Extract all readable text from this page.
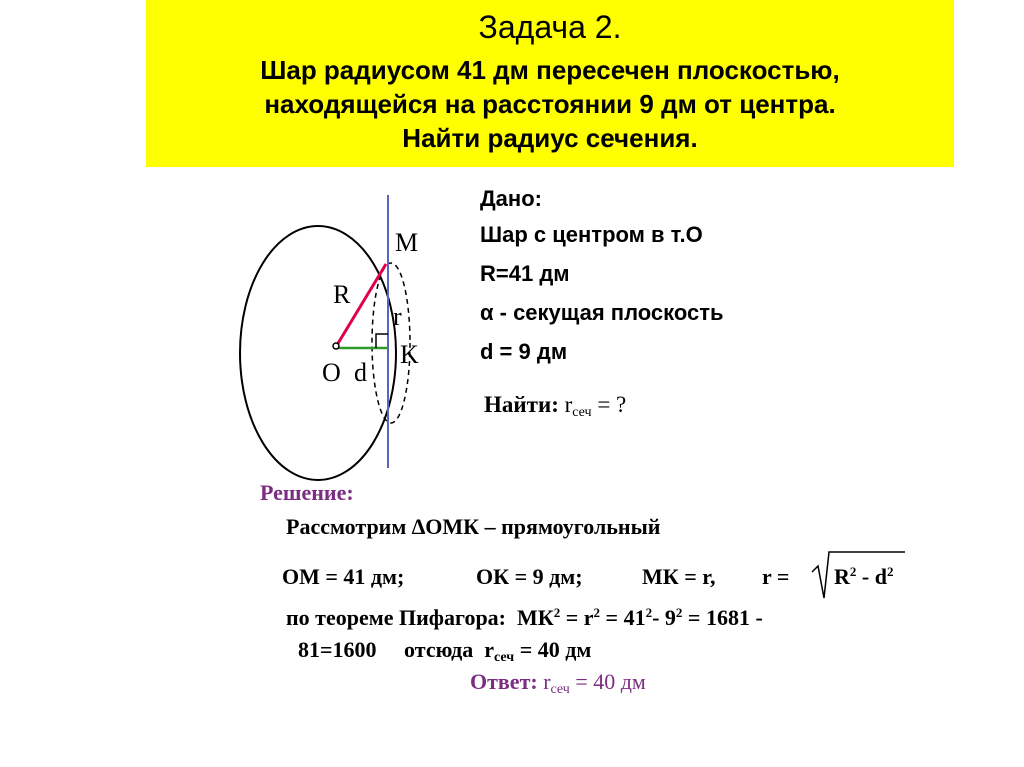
Задача 2.
Шар радиусом 41 дм пересечен плоскостью,
находящейся на расстоянии 9 дм от центра.
Найти радиус сечения.
M
R
r
K
O d
Дано:
Шар с центром в т.О
R=41 дм
α - секущая плоскость
d = 9 дм
Найти: $r_{сеч}$ = ?
Решение:
Рассмотрим ∆ОМК – прямоугольный
ОМ = 41 дм;	ОК = 9 дм;	МК = r, $r = R^2 - d^2$
по теореме Пифагора: $МК^2 = r^2 = 41^2-$ $9^2 = 1681$ -
81=1600 отсюда $r_{сеч} = 40$ дм
Ответ: $r_{сеч} = 40$ дм
